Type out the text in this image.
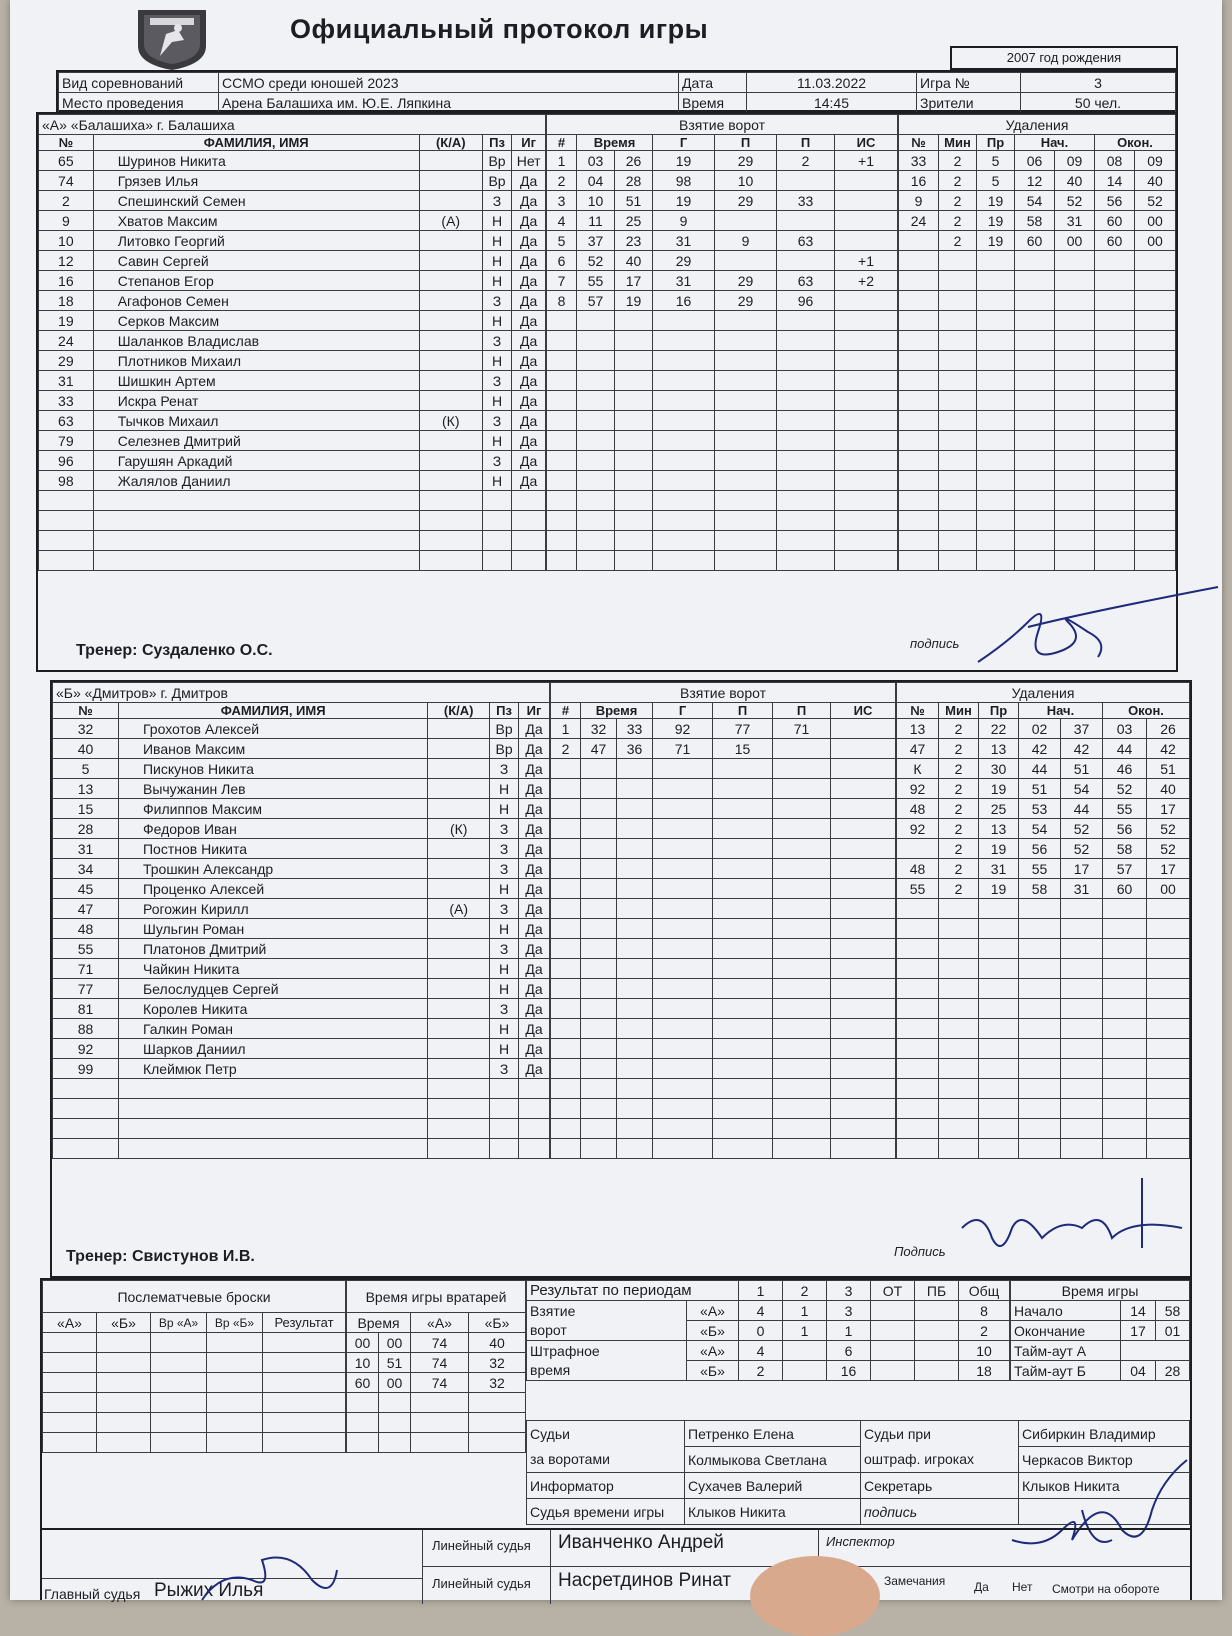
Официальный протокол игры
2007 год рождения
Вид соревнований	ССМО среди юношей 2023	Дата	11.03.2022	Игра №	3
Место проведения	Арена Балашиха им. Ю.Е. Ляпкина	Время	14:45	Зрители	50 чел.
«А» «Балашиха» г. Балашиха				
№	ФАМИЛИЯ, ИМЯ	(К/А)	Пз	Иг
65	Шуринов Никита		Вр	Нет
74	Грязев Илья		Вр	Да
2	Спешинский Семен		З	Да
9	Хватов Максим	(А)	Н	Да
10	Литовко Георгий		Н	Да
12	Савин Сергей		Н	Да
16	Степанов Егор		Н	Да
18	Агафонов Семен		З	Да
19	Серков Максим		Н	Да
24	Шаланков Владислав		З	Да
29	Плотников Михаил		Н	Да
31	Шишкин Артем		З	Да
33	Искра Ренат		Н	Да
63	Тычков Михаил	(К)	З	Да
79	Селезнев Дмитрий		Н	Да
96	Гарушян Аркадий		З	Да
98	Жалялов Даниил		Н	Да

Взятие ворот						
#	Время		Г	П	П	ИС
1	03	26	19	29	2	+1
2	04	28	98	10		
3	10	51	19	29	33	
4	11	25	9			
5	37	23	31	9	63	
6	52	40	29			+1
7	55	17	31	29	63	+2
8	57	19	16	29	96	

Удаления						
№	Мин	Пр	Нач.		Окон.	
33	2	5	06	09	08	09
16	2	5	12	40	14	40
9	2	19	54	52	56	52
24	2	19	58	31	60	00
	2	19	60	00	60	00

Тренер: Суздаленко О.С.	подпись
«Б» «Дмитров» г. Дмитров				
№	ФАМИЛИЯ, ИМЯ	(К/А)	Пз	Иг
32	Грохотов Алексей		Вр	Да
40	Иванов Максим		Вр	Да
5	Пискунов Никита		З	Да
13	Вычужанин Лев		Н	Да
15	Филиппов Максим		Н	Да
28	Федоров Иван	(К)	З	Да
31	Постнов Никита		З	Да
34	Трошкин Александр		З	Да
45	Проценко Алексей		Н	Да
47	Рогожин Кирилл	(А)	З	Да
48	Шульгин Роман		Н	Да
55	Платонов Дмитрий		З	Да
71	Чайкин Никита		Н	Да
77	Белослудцев Сергей		Н	Да
81	Королев Никита		З	Да
88	Галкин Роман		Н	Да
92	Шарков Даниил		Н	Да
99	Клеймюк Петр		З	Да

Взятие ворот						
#	Время		Г	П	П	ИС
1	32	33	92	77	71	
2	47	36	71	15		

Удаления						
№	Мин	Пр	Нач.		Окон.	
13	2	22	02	37	03	26
47	2	13	42	42	44	42
К	2	30	44	51	46	51
92	2	19	51	54	52	40
48	2	25	53	44	55	17
92	2	13	54	52	56	52
	2	19	56	52	58	52
48	2	31	55	17	57	17
55	2	19	58	31	60	00

Тренер: Свистунов И.В.	Подпись
Послематчевые броски				
«А»	«Б»	Вр «А»	Вр «Б»	Результат

Время игры вратарей			
Время		«А»	«Б»
00	00	74	40
10	51	74	32
60	00	74	32

Результат по периодам		1	2	3	ОТ	ПБ	Общ
Взятие	«А»	4	1	3			8
ворот	«Б»	0	1	1			2
Штрафное	«А»	4		6			10
время	«Б»	2		16			18
Время игры		
Начало	14	58
Окончание	17	01
Тайм-аут А		
Тайм-аут Б	04	28
Судьи	Петренко Елена	Судьи при	Сибиркин Владимир
за воротами	Колмыкова Светлана	оштраф. игроках	Черкасов Виктор
Информатор	Сухачев Валерий	Секретарь	Клыков Никита
Судья времени игры	Клыков Никита	подпись	
Линейный судья Иванченко Андрей	Инспектор
Линейный судья Насретдинов Ринат
Главный судья Рыжих Илья	Замечания Да Нет Смотри на обороте
